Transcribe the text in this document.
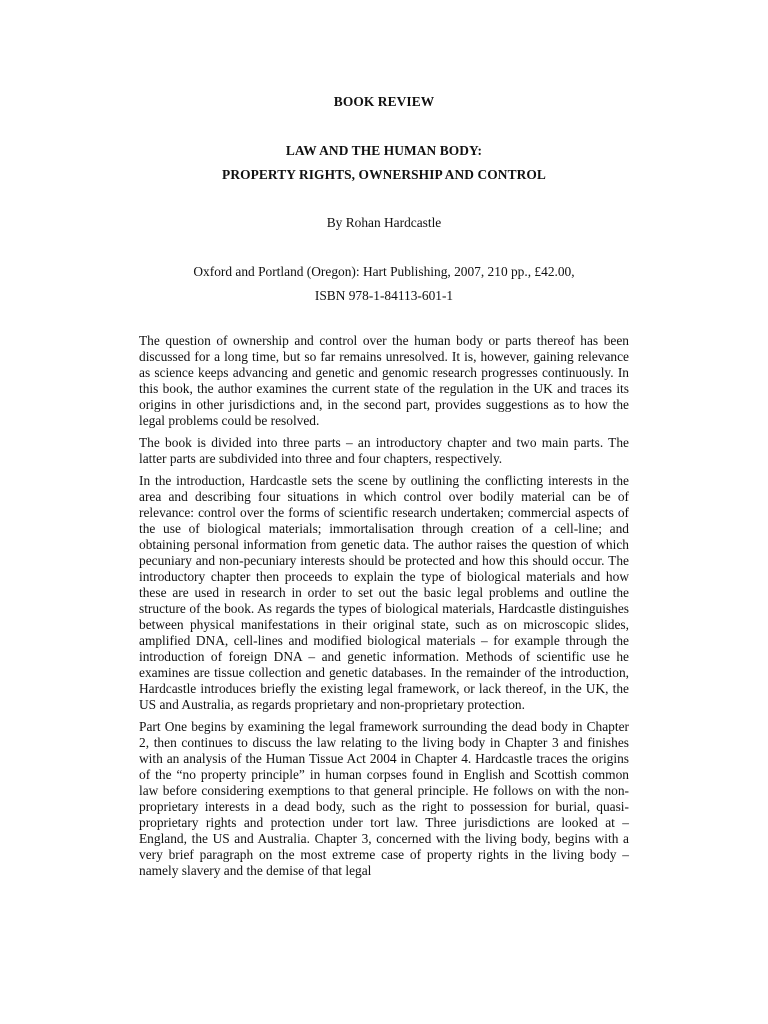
BOOK REVIEW
LAW AND THE HUMAN BODY:
PROPERTY RIGHTS, OWNERSHIP AND CONTROL
By Rohan Hardcastle
Oxford and Portland (Oregon): Hart Publishing, 2007, 210 pp., £42.00,
ISBN 978-1-84113-601-1

The question of ownership and control over the human body or parts thereof has been discussed for a long time, but so far remains unresolved. It is, however, gaining relevance as science keeps advancing and genetic and genomic research progresses continuously. In this book, the author examines the current state of the regulation in the UK and traces its origins in other jurisdictions and, in the second part, provides suggestions as to how the legal problems could be resolved.

The book is divided into three parts – an introductory chapter and two main parts. The latter parts are subdivided into three and four chapters, respectively.

In the introduction, Hardcastle sets the scene by outlining the conflicting interests in the area and describing four situations in which control over bodily material can be of relevance: control over the forms of scientific research undertaken; commercial aspects of the use of biological materials; immortalisation through creation of a cell-line; and obtaining personal information from genetic data. The author raises the question of which pecuniary and non-pecuniary interests should be protected and how this should occur. The introductory chapter then proceeds to explain the type of biological materials and how these are used in research in order to set out the basic legal problems and outline the structure of the book. As regards the types of biological materials, Hardcastle distinguishes between physical manifestations in their original state, such as on microscopic slides, amplified DNA, cell-lines and modified biological materials – for example through the introduction of foreign DNA – and genetic information. Methods of scientific use he examines are tissue collection and genetic databases. In the remainder of the introduction, Hardcastle introduces briefly the existing legal framework, or lack thereof, in the UK, the US and Australia, as regards proprietary and non-proprietary protection.

Part One begins by examining the legal framework surrounding the dead body in Chapter 2, then continues to discuss the law relating to the living body in Chapter 3 and finishes with an analysis of the Human Tissue Act 2004 in Chapter 4. Hardcastle traces the origins of the “no property principle” in human corpses found in English and Scottish common law before considering exemptions to that general principle. He follows on with the non-proprietary interests in a dead body, such as the right to possession for burial, quasi-proprietary rights and protection under tort law. Three jurisdictions are looked at – England, the US and Australia. Chapter 3, concerned with the living body, begins with a very brief paragraph on the most extreme case of property rights in the living body – namely slavery and the demise of that legal
